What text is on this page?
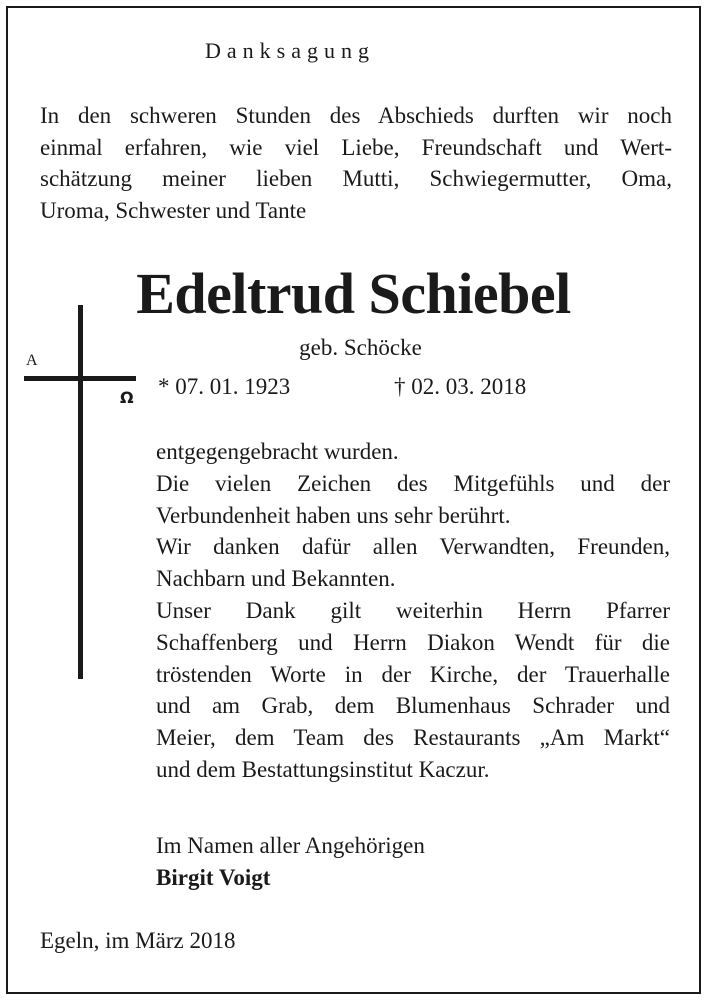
Danksagung
In den schweren Stunden des Abschieds durften wir noch
einmal erfahren, wie viel Liebe, Freundschaft und Wert-
schätzung meiner lieben Mutti, Schwiegermutter, Oma,
Uroma, Schwester und Tante
Edeltrud Schiebel
geb. Schöcke
A
Ω * 07. 01. 1923	† 02. 03. 2018
entgegengebracht wurden.
Die vielen Zeichen des Mitgefühls und der
Verbundenheit haben uns sehr berührt.
Wir danken dafür allen Verwandten, Freunden,
Nachbarn und Bekannten.
Unser Dank gilt weiterhin Herrn Pfarrer
Schaffenberg und Herrn Diakon Wendt für die
tröstenden Worte in der Kirche, der Trauerhalle
und am Grab, dem Blumenhaus Schrader und
Meier, dem Team des Restaurants „Am Markt“
und dem Bestattungsinstitut Kaczur.
Im Namen aller Angehörigen
Birgit Voigt
Egeln, im März 2018
